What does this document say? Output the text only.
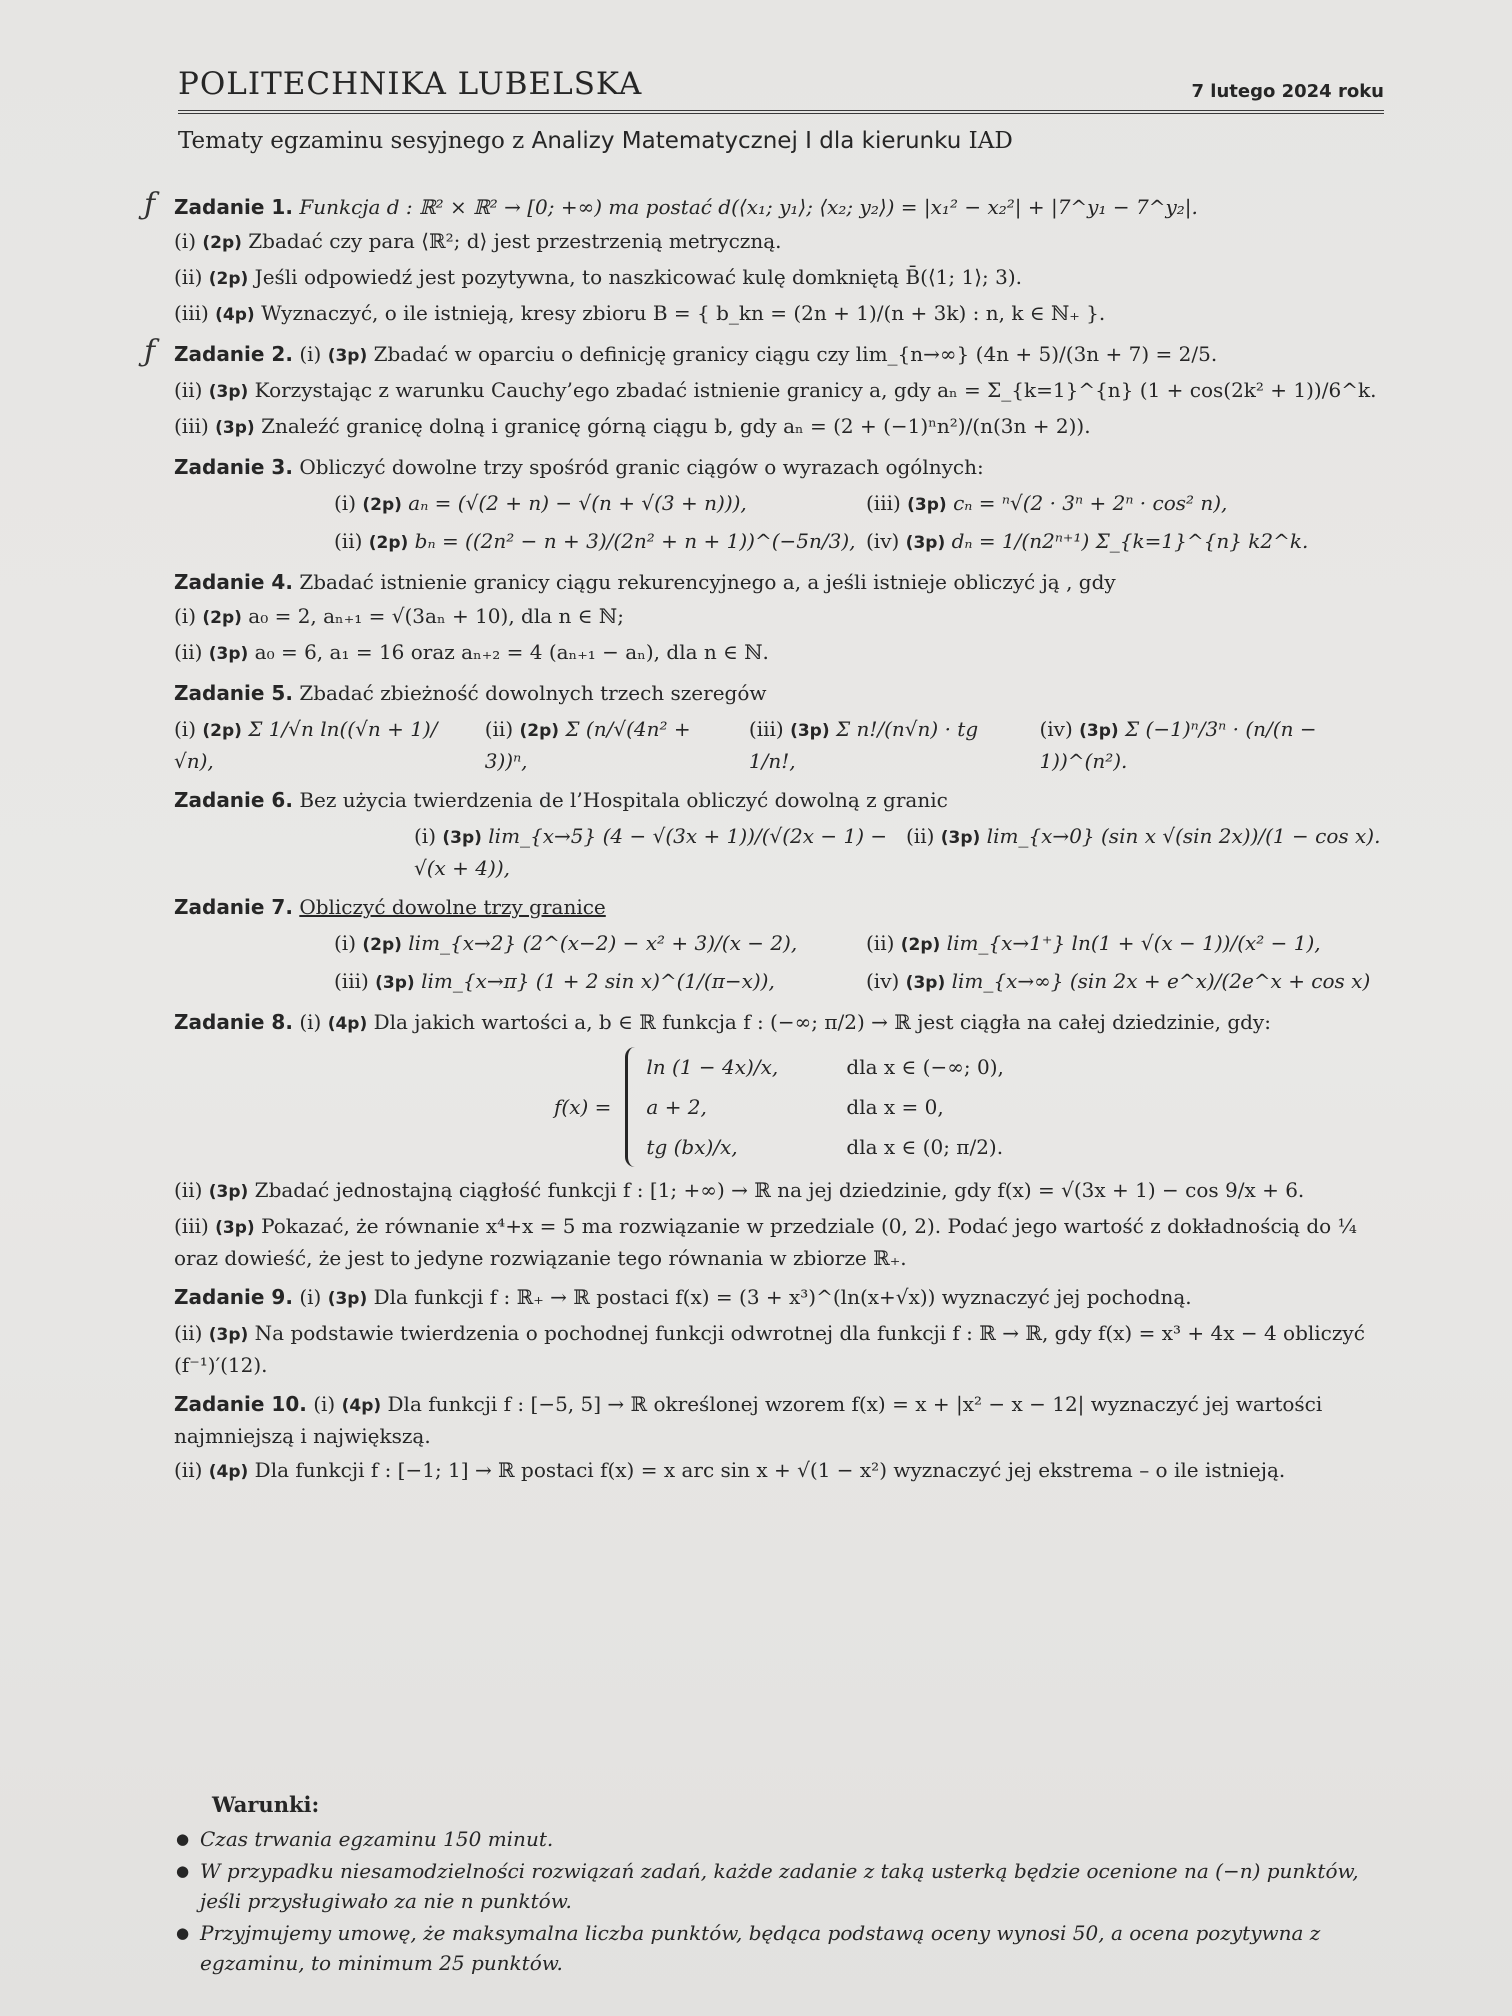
POLITECHNIKA LUBELSKA	7 lutego 2024 roku
Tematy egzaminu sesyjnego z Analizy Matematycznej I dla kierunku IAD
ƒ Zadanie 1. Funkcja d : ℝ² × ℝ² → [0; +∞) ma postać d(⟨x₁; y₁⟩; ⟨x₂; y₂⟩) = |x₁² − x₂²| + |7^y₁ − 7^y₂|.
(i) (2p) Zbadać czy para ⟨ℝ²; d⟩ jest przestrzenią metryczną.
(ii) (2p) Jeśli odpowiedź jest pozytywna, to naszkicować kulę domkniętą B̄(⟨1; 1⟩; 3).
(iii) (4p) Wyznaczyć, o ile istnieją, kresy zbioru B = { b_kn = (2n + 1)/(n + 3k) : n, k ∈ ℕ₊ }.
ƒ Zadanie 2. (i) (3p) Zbadać w oparciu o definicję granicy ciągu czy lim_{n→∞} (4n + 5)/(3n + 7) = 2/5.
(ii) (3p) Korzystając z warunku Cauchy’ego zbadać istnienie granicy a, gdy aₙ = Σ_{k=1}^{n} (1 + cos(2k² + 1))/6^k.
(iii) (3p) Znaleźć granicę dolną i granicę górną ciągu b, gdy aₙ = (2 + (−1)ⁿn²)/(n(3n + 2)).
Zadanie 3. Obliczyć dowolne trzy spośród granic ciągów o wyrazach ogólnych:
(i) (2p) aₙ = (√(2 + n) − √(n + √(3 + n))),	(iii) (3p) cₙ = ⁿ√(2 · 3ⁿ + 2ⁿ · cos² n),
(ii) (2p) bₙ = ((2n² − n + 3)/(2n² + n + 1))^(−5n/3), (iv) (3p) dₙ = 1/(n2ⁿ⁺¹) Σ_{k=1}^{n} k2^k.
Zadanie 4. Zbadać istnienie granicy ciągu rekurencyjnego a, a jeśli istnieje obliczyć ją , gdy
(i) (2p) a₀ = 2, aₙ₊₁ = √(3aₙ + 10), dla n ∈ ℕ;
(ii) (3p) a₀ = 6, a₁ = 16 oraz aₙ₊₂ = 4 (aₙ₊₁ − aₙ), dla n ∈ ℕ.
Zadanie 5. Zbadać zbieżność dowolnych trzech szeregów
(i) (2p) Σ 1/√n ln((√n + 1)/√n),
(ii) (2p) Σ (n/√(4n² + 3))ⁿ,
(iii) (3p) Σ n!/(n√n) · tg 1/n!,
(iv) (3p) Σ (−1)ⁿ/3ⁿ · (n/(n − 1))^(n²).
Zadanie 6. Bez użycia twierdzenia de l’Hospitala obliczyć dowolną z granic
(i) (3p) lim_{x→5} (4 − √(3x + 1))/(√(2x − 1) − √(x + 4)),
(ii) (3p) lim_{x→0} (sin x √(sin 2x))/(1 − cos x).
Zadanie 7. Obliczyć dowolne trzy granice
(i) (2p) lim_{x→2} (2^(x−2) − x² + 3)/(x − 2),	(ii) (2p) lim_{x→1⁺} ln(1 + √(x − 1))/(x² − 1),
(iii) (3p) lim_{x→π} (1 + 2 sin x)^(1/(π−x)),	(iv) (3p) lim_{x→∞} (sin 2x + e^x)/(2e^x + cos x)
Zadanie 8. (i) (4p) Dla jakich wartości a, b ∈ ℝ funkcja f : (−∞; π/2) → ℝ jest ciągła na całej dziedzinie, gdy:
f(x) =
ln (1 − 4x)/x,	dla x ∈ (−∞; 0),
a + 2,	dla x = 0,
tg (bx)/x,	dla x ∈ (0; π/2).
(ii) (3p) Zbadać jednostajną ciągłość funkcji f : [1; +∞) → ℝ na jej dziedzinie, gdy f(x) = √(3x + 1) − cos 9/x + 6.
(iii) (3p) Pokazać, że równanie x⁴+x = 5 ma rozwiązanie w przedziale (0, 2). Podać jego wartość z dokładnością do ¼ oraz dowieść, że jest to jedyne rozwiązanie tego równania w zbiorze ℝ₊.
Zadanie 9. (i) (3p) Dla funkcji f : ℝ₊ → ℝ postaci f(x) = (3 + x³)^(ln(x+√x)) wyznaczyć jej pochodną.
(ii) (3p) Na podstawie twierdzenia o pochodnej funkcji odwrotnej dla funkcji f : ℝ → ℝ, gdy f(x) = x³ + 4x − 4 obliczyć (f⁻¹)′(12).
Zadanie 10. (i) (4p) Dla funkcji f : [−5, 5] → ℝ określonej wzorem f(x) = x + |x² − x − 12| wyznaczyć jej wartości najmniejszą i największą.
(ii) (4p) Dla funkcji f : [−1; 1] → ℝ postaci f(x) = x arc sin x + √(1 − x²) wyznaczyć jej ekstrema – o ile istnieją.
Warunki:
● Czas trwania egzaminu 150 minut.
● W przypadku niesamodzielności rozwiązań zadań, każde zadanie z taką usterką będzie ocenione na (−n) punktów, jeśli przysługiwało za nie n punktów.
● Przyjmujemy umowę, że maksymalna liczba punktów, będąca podstawą oceny wynosi 50, a ocena pozytywna z egzaminu, to minimum 25 punktów.
